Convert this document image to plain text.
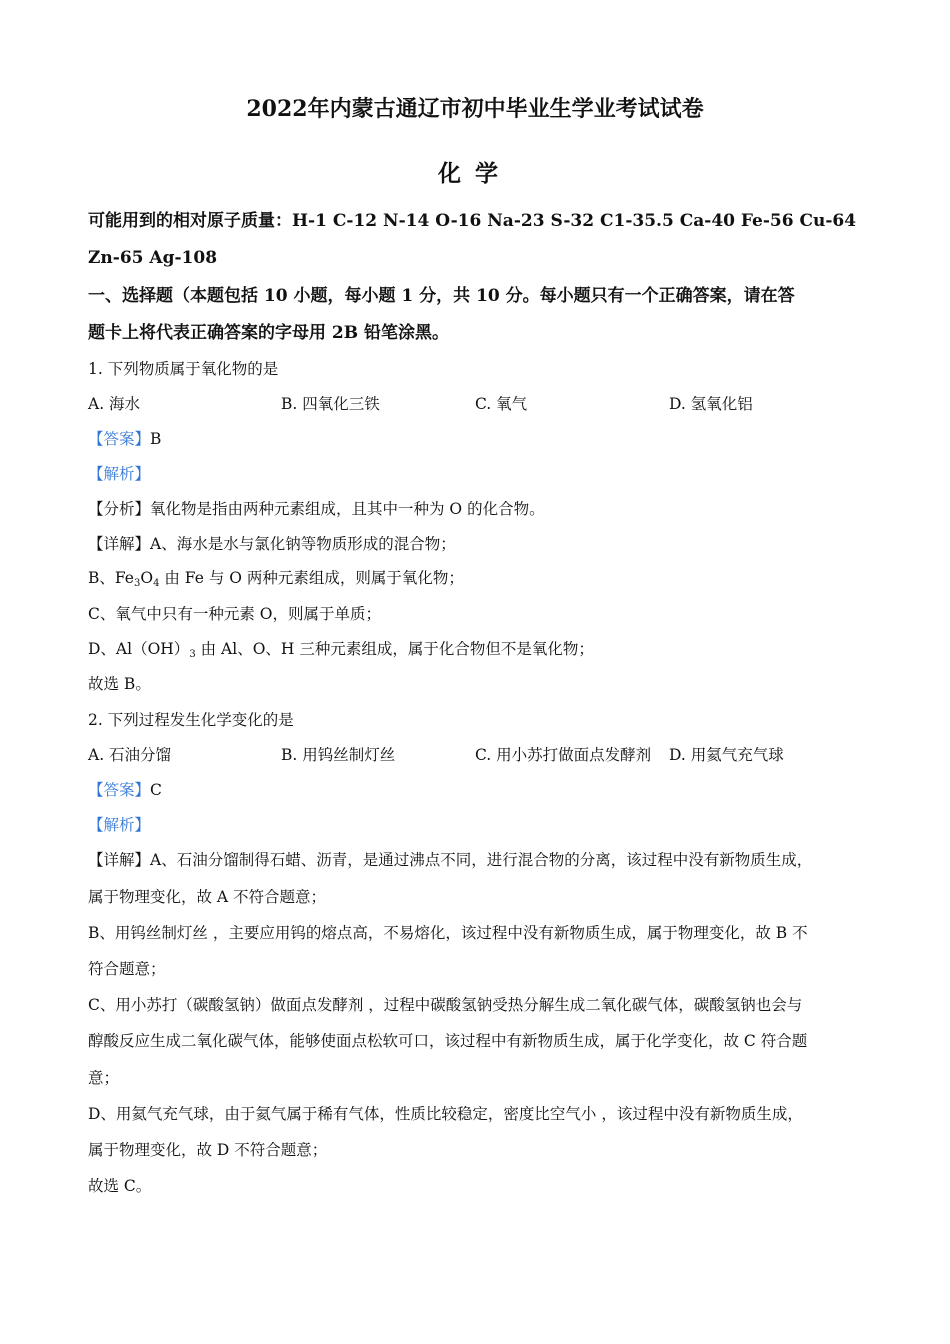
2022年内蒙古通辽市初中毕业生学业考试试卷
化学
可能用到的相对原子质量：H-1 C-12 N-14 O-16 Na-23 S-32 C1-35.5 Ca-40 Fe-56 Cu-64
Zn-65 Ag-108
一、选择题（本题包括 10 小题，每小题 1 分，共 10 分。每小题只有一个正确答案，请在答
题卡上将代表正确答案的字母用 2B 铅笔涂黑。
1. 下列物质属于氧化物的是
A. 海水	B. 四氧化三铁	C. 氧气	D. 氢氧化铝
【答案】B
【解析】
【分析】氧化物是指由两种元素组成，且其中一种为 O 的化合物。
【详解】A、海水是水与氯化钠等物质形成的混合物；
B、$Fe_3O_4$ 由 Fe 与 O 两种元素组成，则属于氧化物；
C、氧气中只有一种元素 O，则属于单质；
D、$Al(OH)_3$ 由 Al、O、H 三种元素组成，属于化合物但不是氧化物；
故选 B。
2. 下列过程发生化学变化的是
A. 石油分馏	B. 用钨丝制灯丝	C. 用小苏打做面点发酵剂 D. 用氦气充气球
【答案】C
【解析】
【详解】A、石油分馏制得石蜡、沥青，是通过沸点不同，进行混合物的分离，该过程中没有新物质生成，
属于物理变化，故 A 不符合题意；
B、用钨丝制灯丝 ，主要应用钨的熔点高，不易熔化，该过程中没有新物质生成，属于物理变化，故 B 不
符合题意；
C、用小苏打（碳酸氢钠）做面点发酵剂 ，过程中碳酸氢钠受热分解生成二氧化碳气体，碳酸氢钠也会与
醇酸反应生成二氧化碳气体，能够使面点松软可口，该过程中有新物质生成，属于化学变化，故 C 符合题
意；
D、用氦气充气球，由于氦气属于稀有气体，性质比较稳定，密度比空气小 ，该过程中没有新物质生成，
属于物理变化，故 D 不符合题意；
故选 C。
